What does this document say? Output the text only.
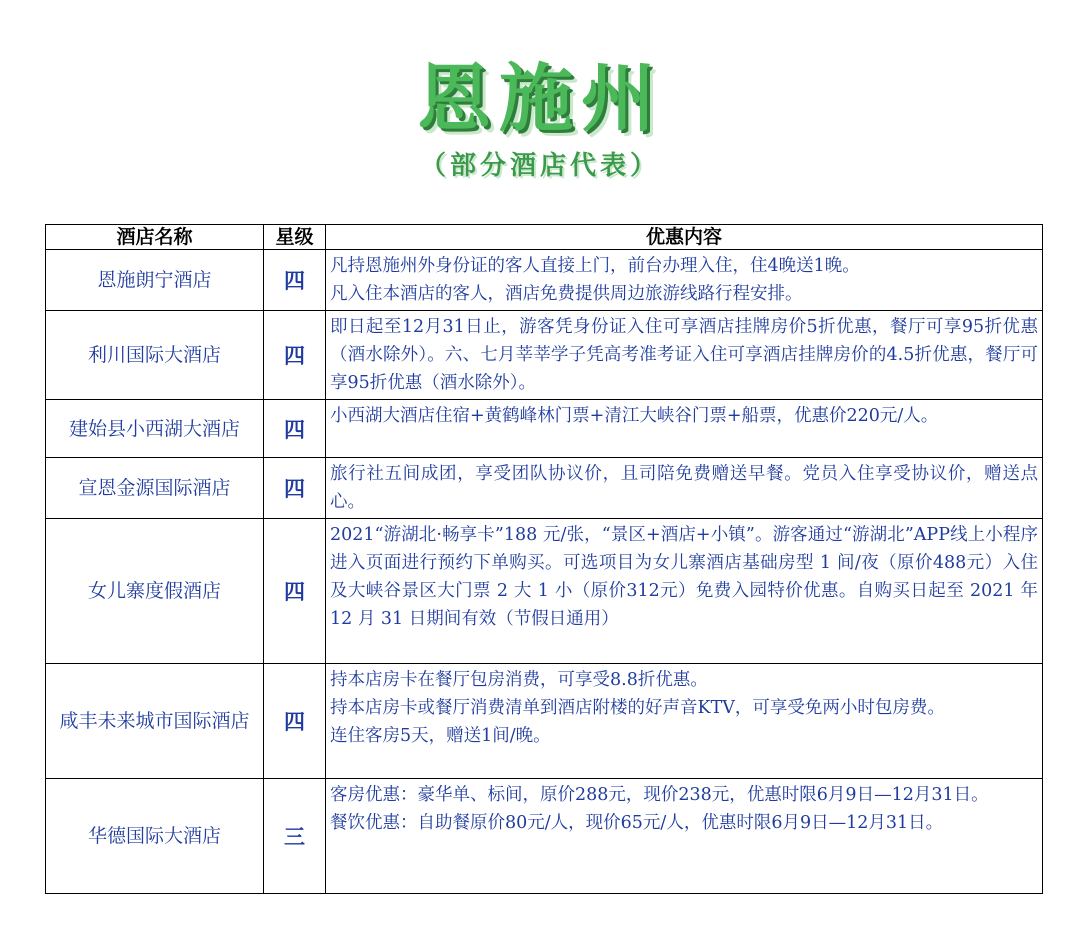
恩施州
（部分酒店代表）
酒店名称	星级	优惠内容
恩施朗宁酒店	四	凡持恩施州外身份证的客人直接上门，前台办理入住，住4晚送1晚。
凡入住本酒店的客人，酒店免费提供周边旅游线路行程安排。

利川国际大酒店	四	即日起至12月31日止，游客凭身份证入住可享酒店挂牌房价5折优惠，餐厅可享95折优惠（酒水除外）。六、七月莘莘学子凭高考准考证入住可享酒店挂牌房价的4.5折优惠，餐厅可享95折优惠（酒水除外）。

建始县小西湖大酒店	四	小西湖大酒店住宿+黄鹤峰林门票+清江大峡谷门票+船票，优惠价220元/人。

宣恩金源国际酒店	四	旅行社五间成团，享受团队协议价，且司陪免费赠送早餐。党员入住享受协议价，赠送点心。

女儿寨度假酒店	四	2021“游湖北·畅享卡”188 元/张，“景区+酒店+小镇”。游客通过“游湖北”APP线上小程序进入页面进行预约下单购买。可选项目为女儿寨酒店基础房型 1 间/夜（原价488元）入住及大峡谷景区大门票 2 大 1 小（原价312元）免费入园特价优惠。自购买日起至 2021 年 12 月 31 日期间有效（节假日通用）

咸丰未来城市国际酒店	四	持本店房卡在餐厅包房消费，可享受8.8折优惠。
持本店房卡或餐厅消费清单到酒店附楼的好声音KTV，可享受免两小时包房费。
连住客房5天，赠送1间/晚。

华德国际大酒店	三	客房优惠：豪华单、标间，原价288元，现价238元，优惠时限6月9日—12月31日。
餐饮优惠：自助餐原价80元/人，现价65元/人，优惠时限6月9日—12月31日。
